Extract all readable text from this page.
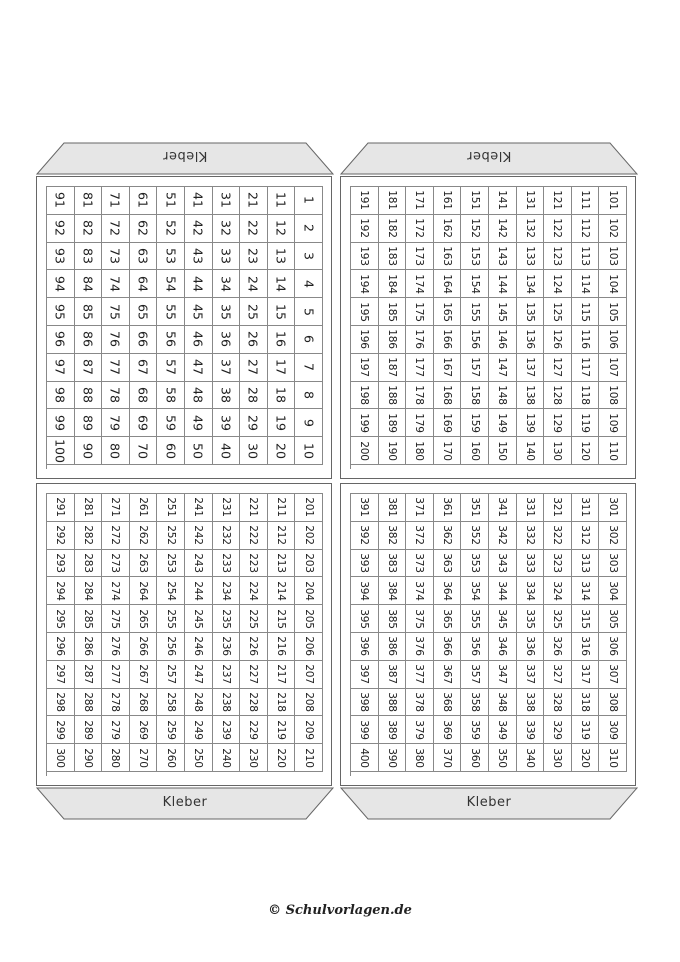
Kleber	Kleber
Kleber	Kleber
91 81 71 61 51 41 31 21 11 1
92 82 72 62 52 42 32 22 12 2
93 83 73 63 53 43 33 23 13 3
94 84 74 64 54 44 34 24 14 4
95 85 75 65 55 45 35 25 15 5
96 86 76 66 56 46 36 26 16 6
97 87 77 67 57 47 37 27 17 7
98 88 78 68 58 48 38 28 18 8
99 89 79 69 59 49 39 29 19 9
100 90 80 70 60 50 40 30 20 10
191 181 171 161 151 141 131 121 111 101
192 182 172 162 152 142 132 122 112 102
193 183 173 163 153 143 133 123 113 103
194 184 174 164 154 144 134 124 114 104
195 185 175 165 155 145 135 125 115 105
196 186 176 166 156 146 136 126 116 106
197 187 177 167 157 147 137 127 117 107
198 188 178 168 158 148 138 128 118 108
199 189 179 169 159 149 139 129 119 109
200 190 180 170 160 150 140 130 120 110
291 281 271 261 251 241 231 221 211 201
292 282 272 262 252 242 232 222 212 202
293 283 273 263 253 243 233 223 213 203
294 284 274 264 254 244 234 224 214 204
295 285 275 265 255 245 235 225 215 205
296 286 276 266 256 246 236 226 216 206
297 287 277 267 257 247 237 227 217 207
298 288 278 268 258 248 238 228 218 208
299 289 279 269 259 249 239 229 219 209
300 290 280 270 260 250 240 230 220 210
391 381 371 361 351 341 331 321 311 301
392 382 372 362 352 342 332 322 312 302
393 383 373 363 353 343 333 323 313 303
394 384 374 364 354 344 334 324 314 304
395 385 375 365 355 345 335 325 315 305
396 386 376 366 356 346 336 326 316 306
397 387 377 367 357 347 337 327 317 307
398 388 378 368 358 348 338 328 318 308
399 389 379 369 359 349 339 329 319 309
400 390 380 370 360 350 340 330 320 310
© Schulvorlagen.de
